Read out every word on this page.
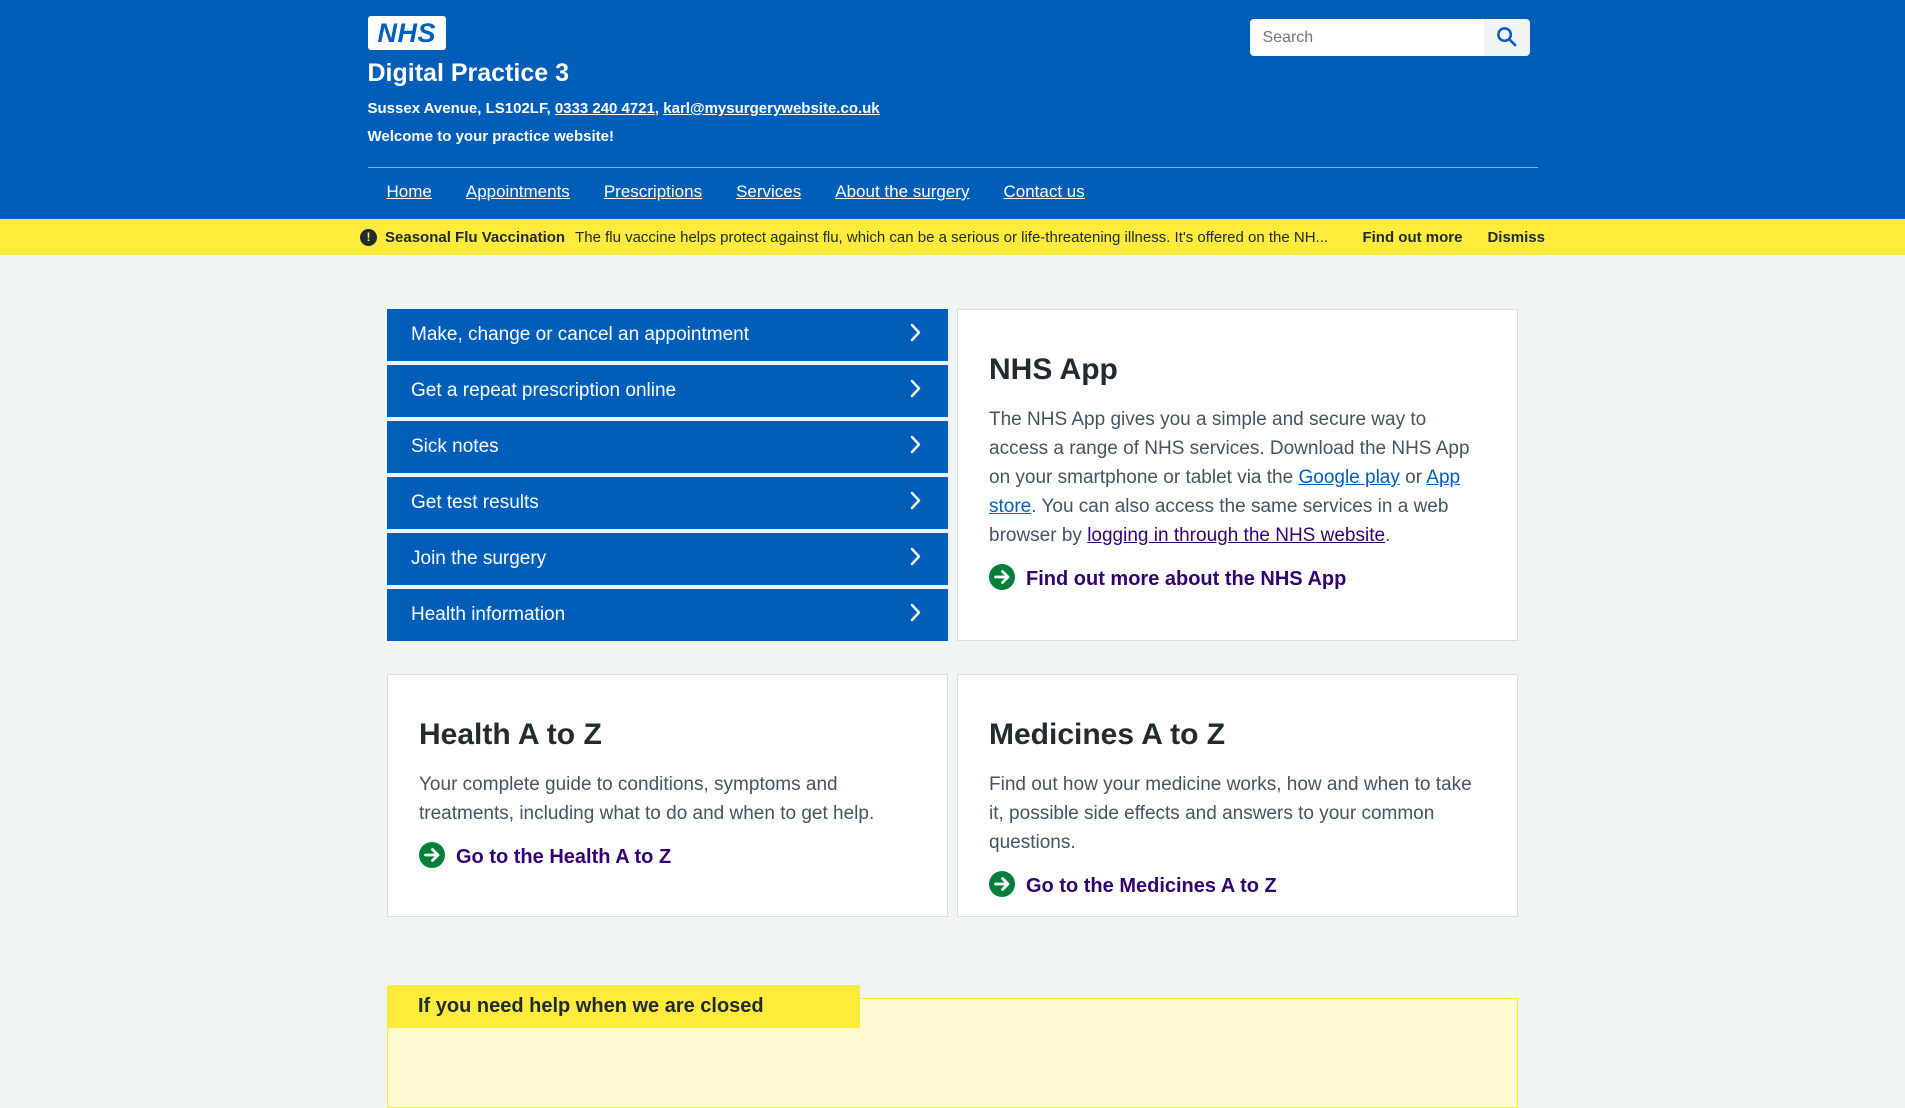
NHS
Digital Practice 3
Sussex Avenue, LS102LF, 0333 240 4721, karl@mysurgerywebsite.co.uk
Welcome to your practice website!
Search
Home Appointments Prescriptions Services About the surgery Contact us
! Seasonal Flu Vaccination The flu vaccine helps protect against flu, which can be a serious or life-threatening illness. It's offered on the NH... Find out more Dismiss
Make, change or cancel an appointment
Get a repeat prescription online
Sick notes
Get test results
Join the surgery
Health information
NHS App

The NHS App gives you a simple and secure way to access a range of NHS services. Download the NHS App on your smartphone or tablet via the Google play or App store. You can also access the same services in a web browser by logging in through the NHS website.

Find out more about the NHS App
Health A to Z

Your complete guide to conditions, symptoms and treatments, including what to do and when to get help.

Go to the Health A to Z
Medicines A to Z

Find out how your medicine works, how and when to take it, possible side effects and answers to your common questions.

Go to the Medicines A to Z
If you need help when we are closed
